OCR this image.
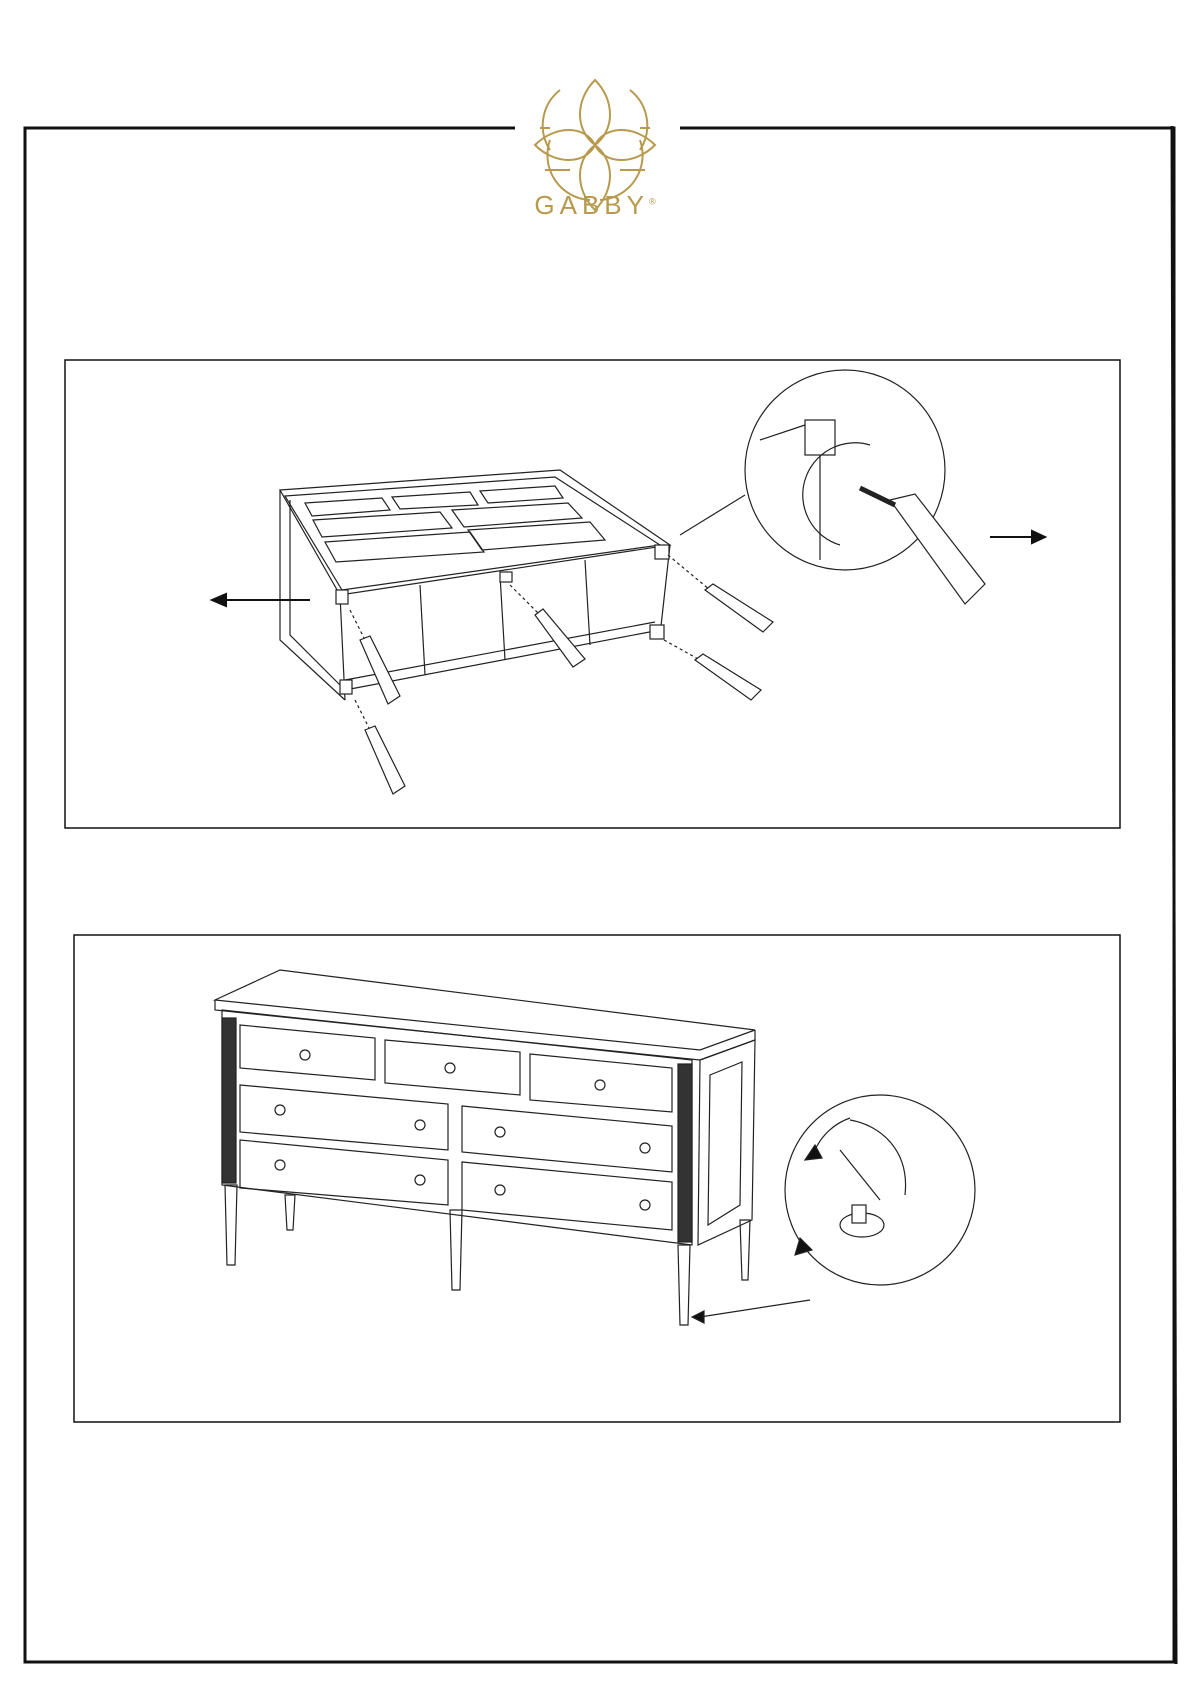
GABBY®
